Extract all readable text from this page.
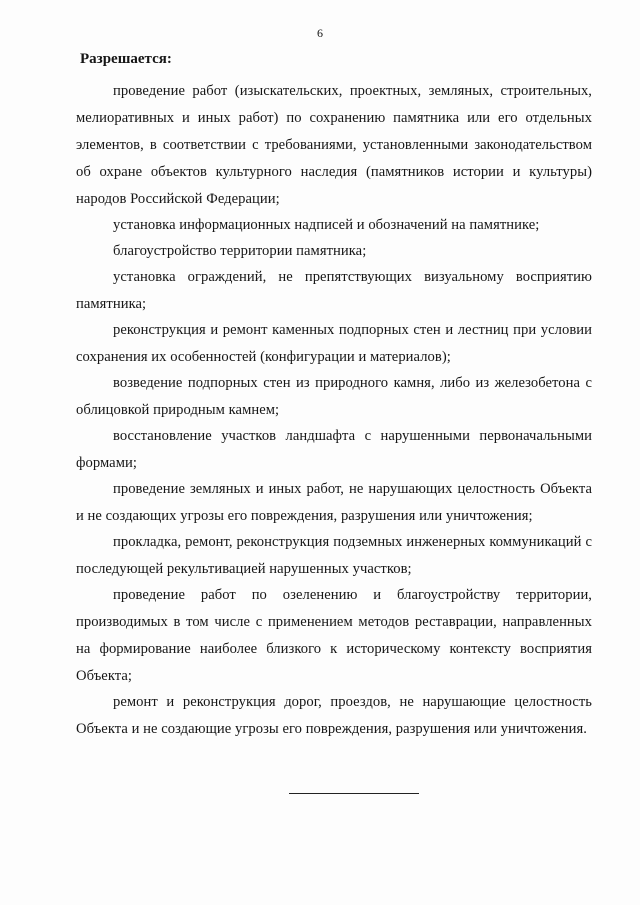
6
Разрешается:

проведение работ (изыскательских, проектных, земляных, строительных, мелиоративных и иных работ) по сохранению памятника или его отдельных элементов, в соответствии с требованиями, установленными законодательством об охране объектов культурного наследия (памятников истории и культуры) народов Российской Федерации;

установка информационных надписей и обозначений на памятнике;

благоустройство территории памятника;

установка ограждений, не препятствующих визуальному восприятию памятника;

реконструкция и ремонт каменных подпорных стен и лестниц при условии сохранения их особенностей (конфигурации и материалов);

возведение подпорных стен из природного камня, либо из железобетона с облицовкой природным камнем;

восстановление участков ландшафта с нарушенными первоначальными формами;

проведение земляных и иных работ, не нарушающих целостность Объекта и не создающих угрозы его повреждения, разрушения или уничтожения;

прокладка, ремонт, реконструкция подземных инженерных коммуникаций с последующей рекультивацией нарушенных участков;

проведение работ по озеленению и благоустройству территории, производимых в том числе с применением методов реставрации, направленных на формирование наиболее близкого к историческому контексту восприятия Объекта;

ремонт и реконструкция дорог, проездов, не нарушающие целостность Объекта и не создающие угрозы его повреждения, разрушения или уничтожения.
